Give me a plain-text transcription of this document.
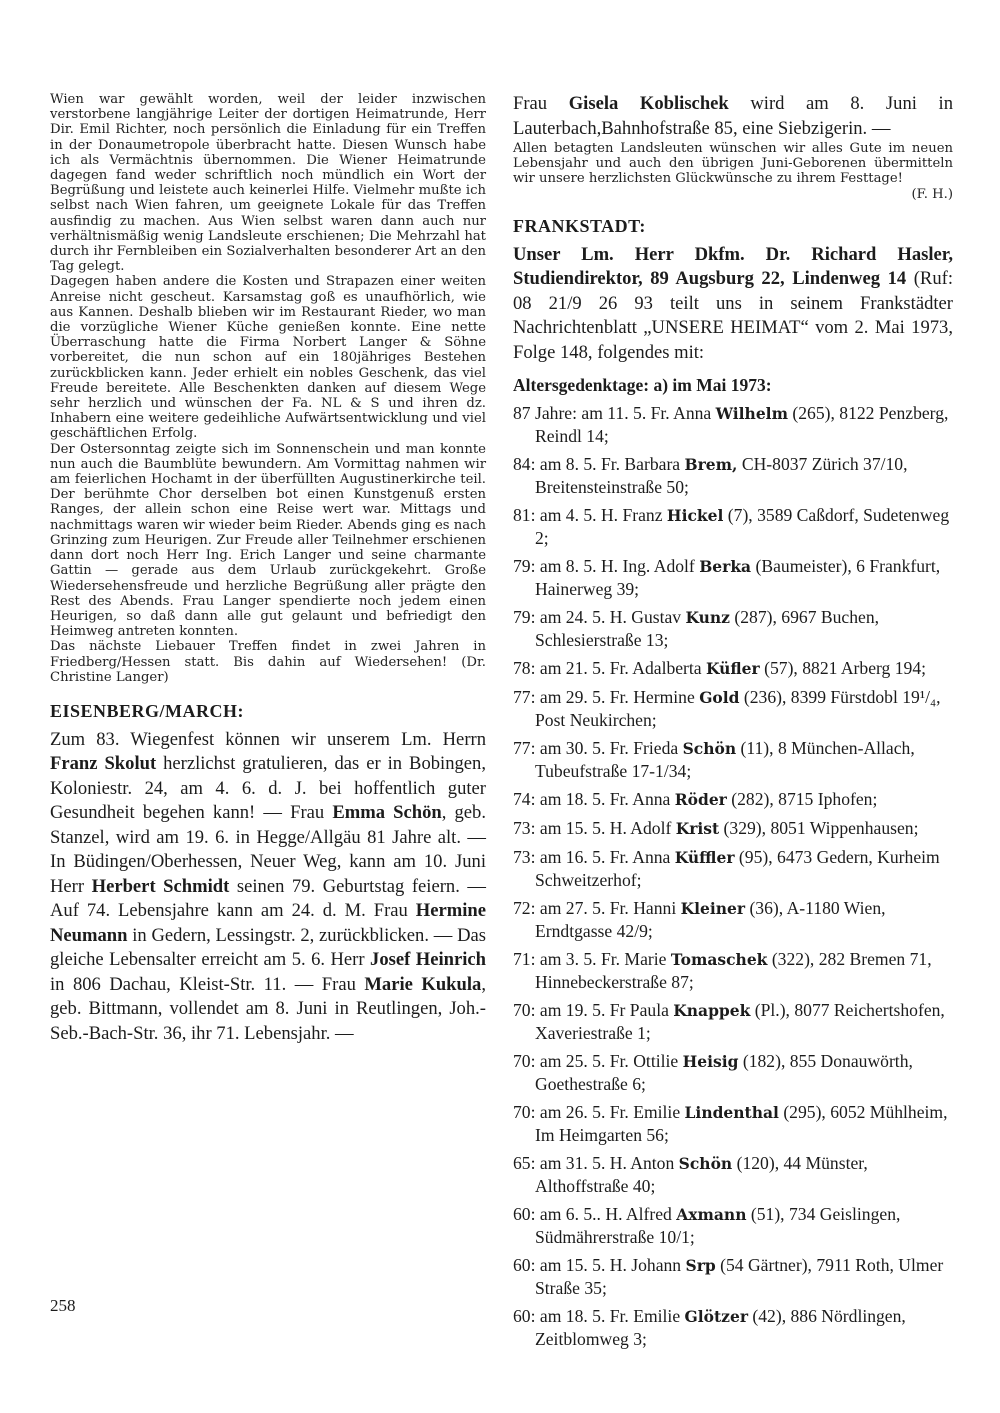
Wien war gewählt worden, weil der leider inzwischen verstorbene langjährige Leiter der dortigen Heimatrunde, Herr Dir. Emil Richter, noch persönlich die Einladung für ein Treffen in der Donaumetropole überbracht hatte. Diesen Wunsch habe ich als Vermächtnis übernommen. Die Wiener Heimatrunde dagegen fand weder schriftlich noch mündlich ein Wort der Begrüßung und leistete auch keinerlei Hilfe. Vielmehr mußte ich selbst nach Wien fahren, um geeignete Lokale für das Treffen ausfindig zu machen. Aus Wien selbst waren dann auch nur verhältnismäßig wenig Landsleute erschienen; Die Mehrzahl hat durch ihr Fernbleiben ein Sozialverhalten besonderer Art an den Tag gelegt.

Dagegen haben andere die Kosten und Strapazen einer weiten Anreise nicht gescheut. Karsamstag goß es unaufhörlich, wie aus Kannen. Deshalb blieben wir im Restaurant Rieder, wo man die vorzügliche Wiener Küche genießen konnte. Eine nette Überraschung hatte die Firma Norbert Langer & Söhne vorbereitet, die nun schon auf ein 180jähriges Bestehen zurückblicken kann. Jeder erhielt ein nobles Geschenk, das viel Freude bereitete. Alle Beschenkten danken auf diesem Wege sehr herzlich und wünschen der Fa. NL & S und ihren dz. Inhabern eine weitere gedeihliche Aufwärtsentwicklung und viel geschäftlichen Erfolg.

Der Ostersonntag zeigte sich im Sonnenschein und man konnte nun auch die Baumblüte bewundern. Am Vormittag nahmen wir am feierlichen Hochamt in der überfüllten Augustinerkirche teil. Der berühmte Chor derselben bot einen Kunstgenuß ersten Ranges, der allein schon eine Reise wert war. Mittags und nachmittags waren wir wieder beim Rieder. Abends ging es nach Grinzing zum Heurigen. Zur Freude aller Teilnehmer erschienen dann dort noch Herr Ing. Erich Langer und seine charmante Gattin — gerade aus dem Urlaub zurückgekehrt. Große Wiedersehensfreude und herzliche Begrüßung aller prägte den Rest des Abends. Frau Langer spendierte noch jedem einen Heurigen, so daß dann alle gut gelaunt und befriedigt den Heimweg antreten konnten.

Das nächste Liebauer Treffen findet in zwei Jahren in Friedberg/Hessen statt. Bis dahin auf Wiedersehen! (Dr. Christine Langer)

EISENBERG/MARCH:

Zum 83. Wiegenfest können wir unserem Lm. Herrn Franz Skolut herzlichst gratulieren, das er in Bobingen, Koloniestr. 24, am 4. 6. d. J. bei hoffentlich guter Gesundheit begehen kann! — Frau Emma Schön, geb. Stanzel, wird am 19. 6. in Hegge/Allgäu 81 Jahre alt. — In Büdingen/Oberhessen, Neuer Weg, kann am 10. Juni Herr Herbert Schmidt seinen 79. Geburtstag feiern. — Auf 74. Lebensjahre kann am 24. d. M. Frau Hermine Neumann in Gedern, Lessingstr. 2, zurückblicken. — Das gleiche Lebensalter erreicht am 5. 6. Herr Josef Heinrich in 806 Dachau, Kleist-Str. 11. — Frau Marie Kukula, geb. Bittmann, vollendet am 8. Juni in Reutlingen, Joh.-Seb.-Bach-Str. 36, ihr 71. Lebensjahr. —

Frau Gisela Koblischek wird am 8. Juni in Lauterbach,Bahnhofstraße 85, eine Siebzigerin. —

Allen betagten Landsleuten wünschen wir alles Gute im neuen Lebensjahr und auch den übrigen Juni-Geborenen übermitteln wir unsere herzlichsten Glückwünsche zu ihrem Festtage!

(F. H.)

FRANKSTADT:

Unser Lm. Herr Dkfm. Dr. Richard Hasler, Studiendirektor, 89 Augsburg 22, Lindenweg 14 (Ruf: 08 21/9 26 93 teilt uns in seinem Frankstädter Nachrichtenblatt „UNSERE HEIMAT“ vom 2. Mai 1973, Folge 148, folgendes mit:

Altersgedenktage: a) im Mai 1973:
87 Jahre: am 11. 5. Fr. Anna Wilhelm (265), 8122 Penzberg, Reindl 14;
84: am 8. 5. Fr. Barbara Brem, CH-8037 Zürich 37/10, Breitensteinstraße 50;
81: am 4. 5. H. Franz Hickel (7), 3589 Caßdorf, Sudetenweg 2;
79: am 8. 5. H. Ing. Adolf Berka (Baumeister), 6 Frankfurt, Hainerweg 39;
79: am 24. 5. H. Gustav Kunz (287), 6967 Buchen, Schlesierstraße 13;
78: am 21. 5. Fr. Adalberta Küfler (57), 8821 Arberg 194;
77: am 29. 5. Fr. Hermine Gold (236), 8399 Fürstdobl 19¹/₄, Post Neukirchen;
77: am 30. 5. Fr. Frieda Schön (11), 8 München-Allach, Tubeufstraße 17-1/34;
74: am 18. 5. Fr. Anna Röder (282), 8715 Iphofen;
73: am 15. 5. H. Adolf Krist (329), 8051 Wippenhausen;
73: am 16. 5. Fr. Anna Küffler (95), 6473 Gedern, Kurheim Schweitzerhof;
72: am 27. 5. Fr. Hanni Kleiner (36), A-1180 Wien, Erndtgasse 42/9;
71: am 3. 5. Fr. Marie Tomaschek (322), 282 Bremen 71, Hinnebeckerstraße 87;
70: am 19. 5. Fr Paula Knappek (Pl.), 8077 Reichertshofen, Xaveriestraße 1;
70: am 25. 5. Fr. Ottilie Heisig (182), 855 Donauwörth, Goethestraße 6;
70: am 26. 5. Fr. Emilie Lindenthal (295), 6052 Mühlheim, Im Heimgarten 56;
65: am 31. 5. H. Anton Schön (120), 44 Münster, Althoffstraße 40;
60: am 6. 5.. H. Alfred Axmann (51), 734 Geislingen, Südmährerstraße 10/1;
60: am 15. 5. H. Johann Srp (54 Gärtner), 7911 Roth, Ulmer Straße 35;
60: am 18. 5. Fr. Emilie Glötzer (42), 886 Nördlingen, Zeitblomweg 3;
258
